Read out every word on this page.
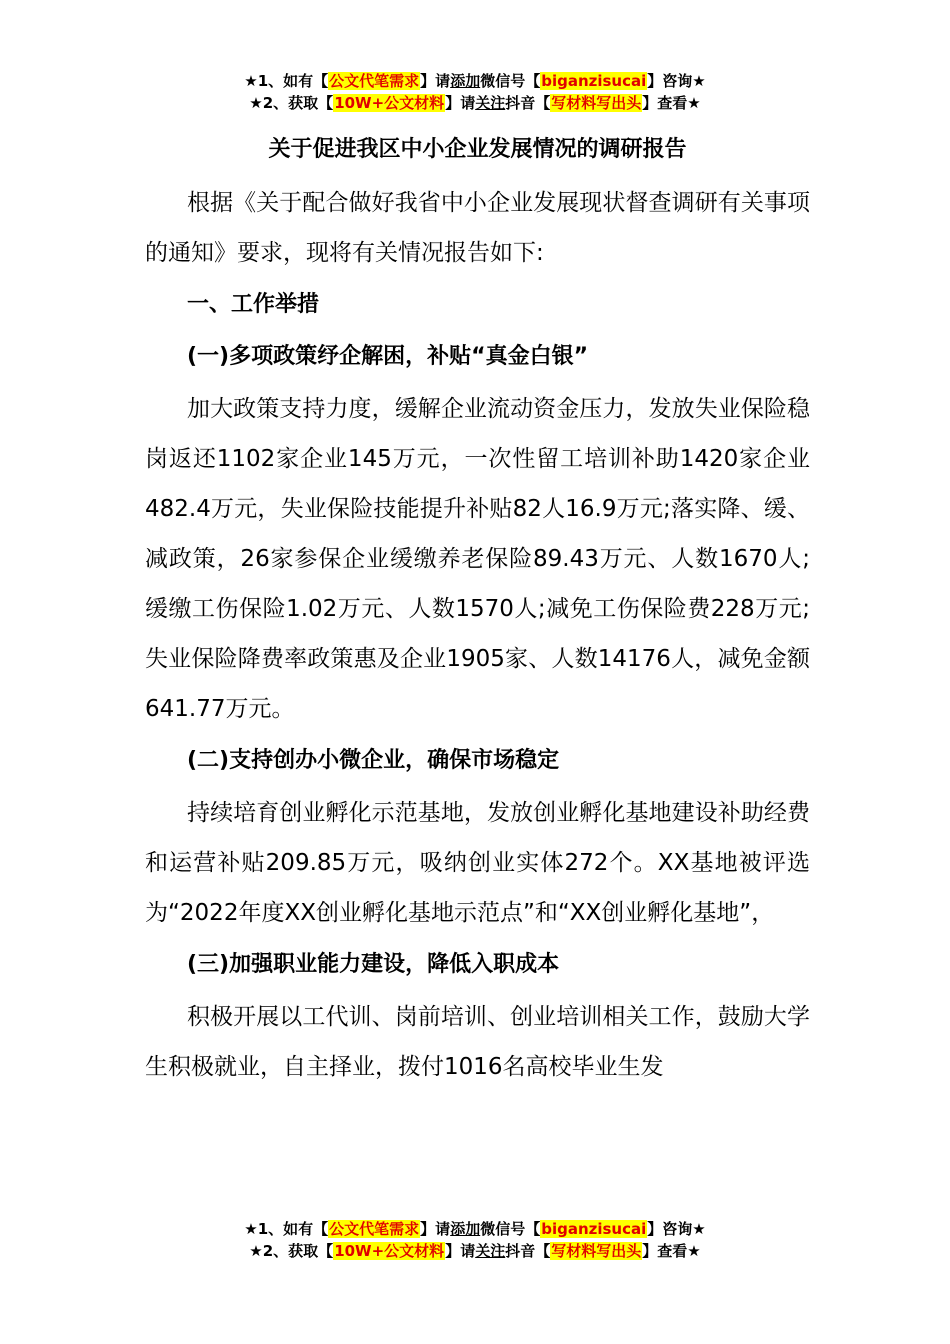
★1、如有【公文代笔需求】请添加微信号【biganzisucai】咨询★
★2、获取【10W+公文材料】请关注抖音【写材料写出头】查看★
关于促进我区中小企业发展情况的调研报告

根据《关于配合做好我省中小企业发展现状督查调研有关事项的通知》要求，现将有关情况报告如下:

一、工作举措
(一)多项政策纾企解困，补贴“真金白银”

加大政策支持力度，缓解企业流动资金压力，发放失业保险稳岗返还1102家企业145万元，一次性留工培训补助1420家企业482.4万元，失业保险技能提升补贴82人16.9万元;落实降、缓、减政策，26家参保企业缓缴养老保险89.43万元、人数1670人;缓缴工伤保险1.02万元、人数1570人;减免工伤保险费228万元;失业保险降费率政策惠及企业1905家、人数14176人，减免金额641.77万元。

(二)支持创办小微企业，确保市场稳定

持续培育创业孵化示范基地，发放创业孵化基地建设补助经费和运营补贴209.85万元，吸纳创业实体272个。XX基地被评选为“2022年度XX创业孵化基地示范点”和“XX创业孵化基地”，

(三)加强职业能力建设，降低入职成本

积极开展以工代训、岗前培训、创业培训相关工作，鼓励大学生积极就业，自主择业，拨付1016名高校毕业生发

★1、如有【公文代笔需求】请添加微信号【biganzisucai】咨询★
★2、获取【10W+公文材料】请关注抖音【写材料写出头】查看★
